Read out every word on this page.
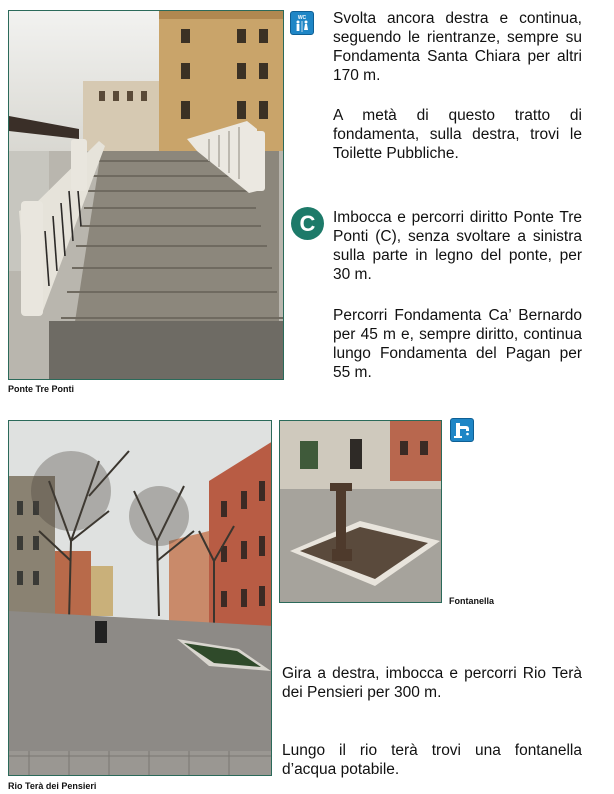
Ponte Tre Ponti
WC Svolta ancora destra e continua, seguendo le rientranze, sempre su Fondamenta Santa Chiara per altri 170 m.
A metà di questo tratto di fondamenta, sulla destra, trovi le Toilette Pubbliche.
C	Imbocca e percorri diritto Ponte Tre Ponti (C), senza svoltare a sinistra sulla parte in legno del ponte, per 30 m.
Percorri Fondamenta Ca’ Bernardo per 45 m e, sempre diritto, continua lungo Fondamenta del Pagan per 55 m.
Rio Terà dei Pensieri
Fontanella
Gira a destra, imbocca e percorri Rio Terà dei Pensieri per 300 m.
Lungo il rio terà trovi una fontanella d’acqua potabile.
